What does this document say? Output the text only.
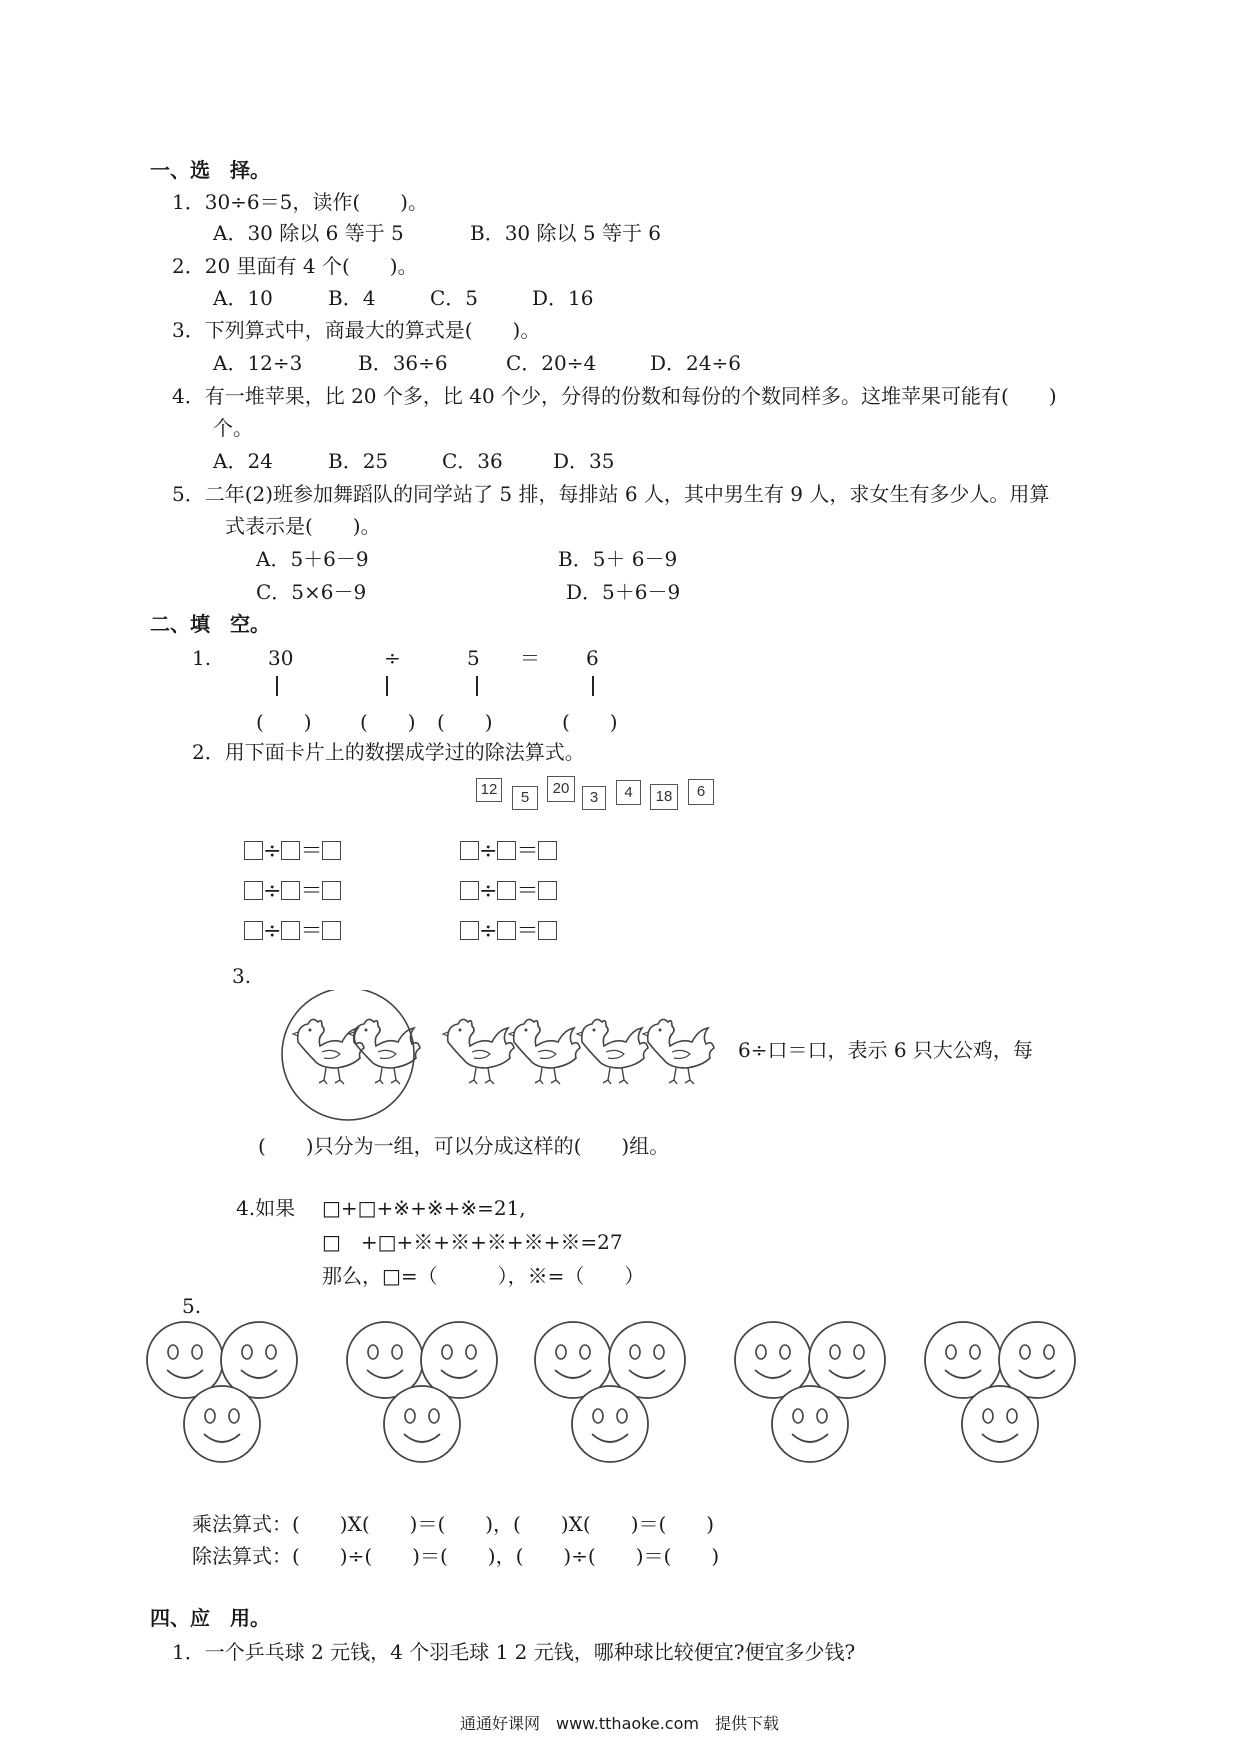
一、选　择。
1．30÷6＝5，读作(　　)。
A．30 除以 6 等于 5	B．30 除以 5 等于 6
2．20 里面有 4 个(　　)。
A．10	B．4	C．5	D．16
3．下列算式中，商最大的算式是(　　)。
A．12÷3	B．36÷6	C．20÷4	D．24÷6
4．有一堆苹果，比 20 个多，比 40 个少，分得的份数和每份的个数同样多。这堆苹果可能有(　　)
个。
A．24	B．25	C．36	D．35
5．二年(2)班参加舞蹈队的同学站了 5 排，每排站 6 人，其中男生有 9 人，求女生有多少人。用算
式表示是(　　)。
A．5＋6－9	B．5＋ 6－9
C．5×6－9	D．5＋6－9
二、填　空。
1.	30	÷	5 ＝ 6
(　　) (　　) (　　)	(　　)
2．用下面卡片上的数摆成学过的除法算式。
12	5
20
3	4	18	6
÷ ＝	÷ ＝
÷ ＝	÷ ＝
÷ ＝	÷ ＝
3.
6÷口＝口，表示 6 只大公鸡，每
(　　)只分为一组，可以分成这样的(　　)组。
4.如果 □+□+※+※+※=21,
□　+□+※+※+※+※+※=27
那么，□=（　　　），※=（　　）
5.
乘法算式：(　　)X(　　)＝(　　)，(　　)X(　　)＝(　　)
除法算式：(　　)÷(　　)＝(　　)，(　　)÷(　　)＝(　　)
四、应　用。
1．一个乒乓球 2 元钱，4 个羽毛球 1 2 元钱，哪种球比较便宜?便宜多少钱?
通通好课网　www.tthaoke.com　提供下载
